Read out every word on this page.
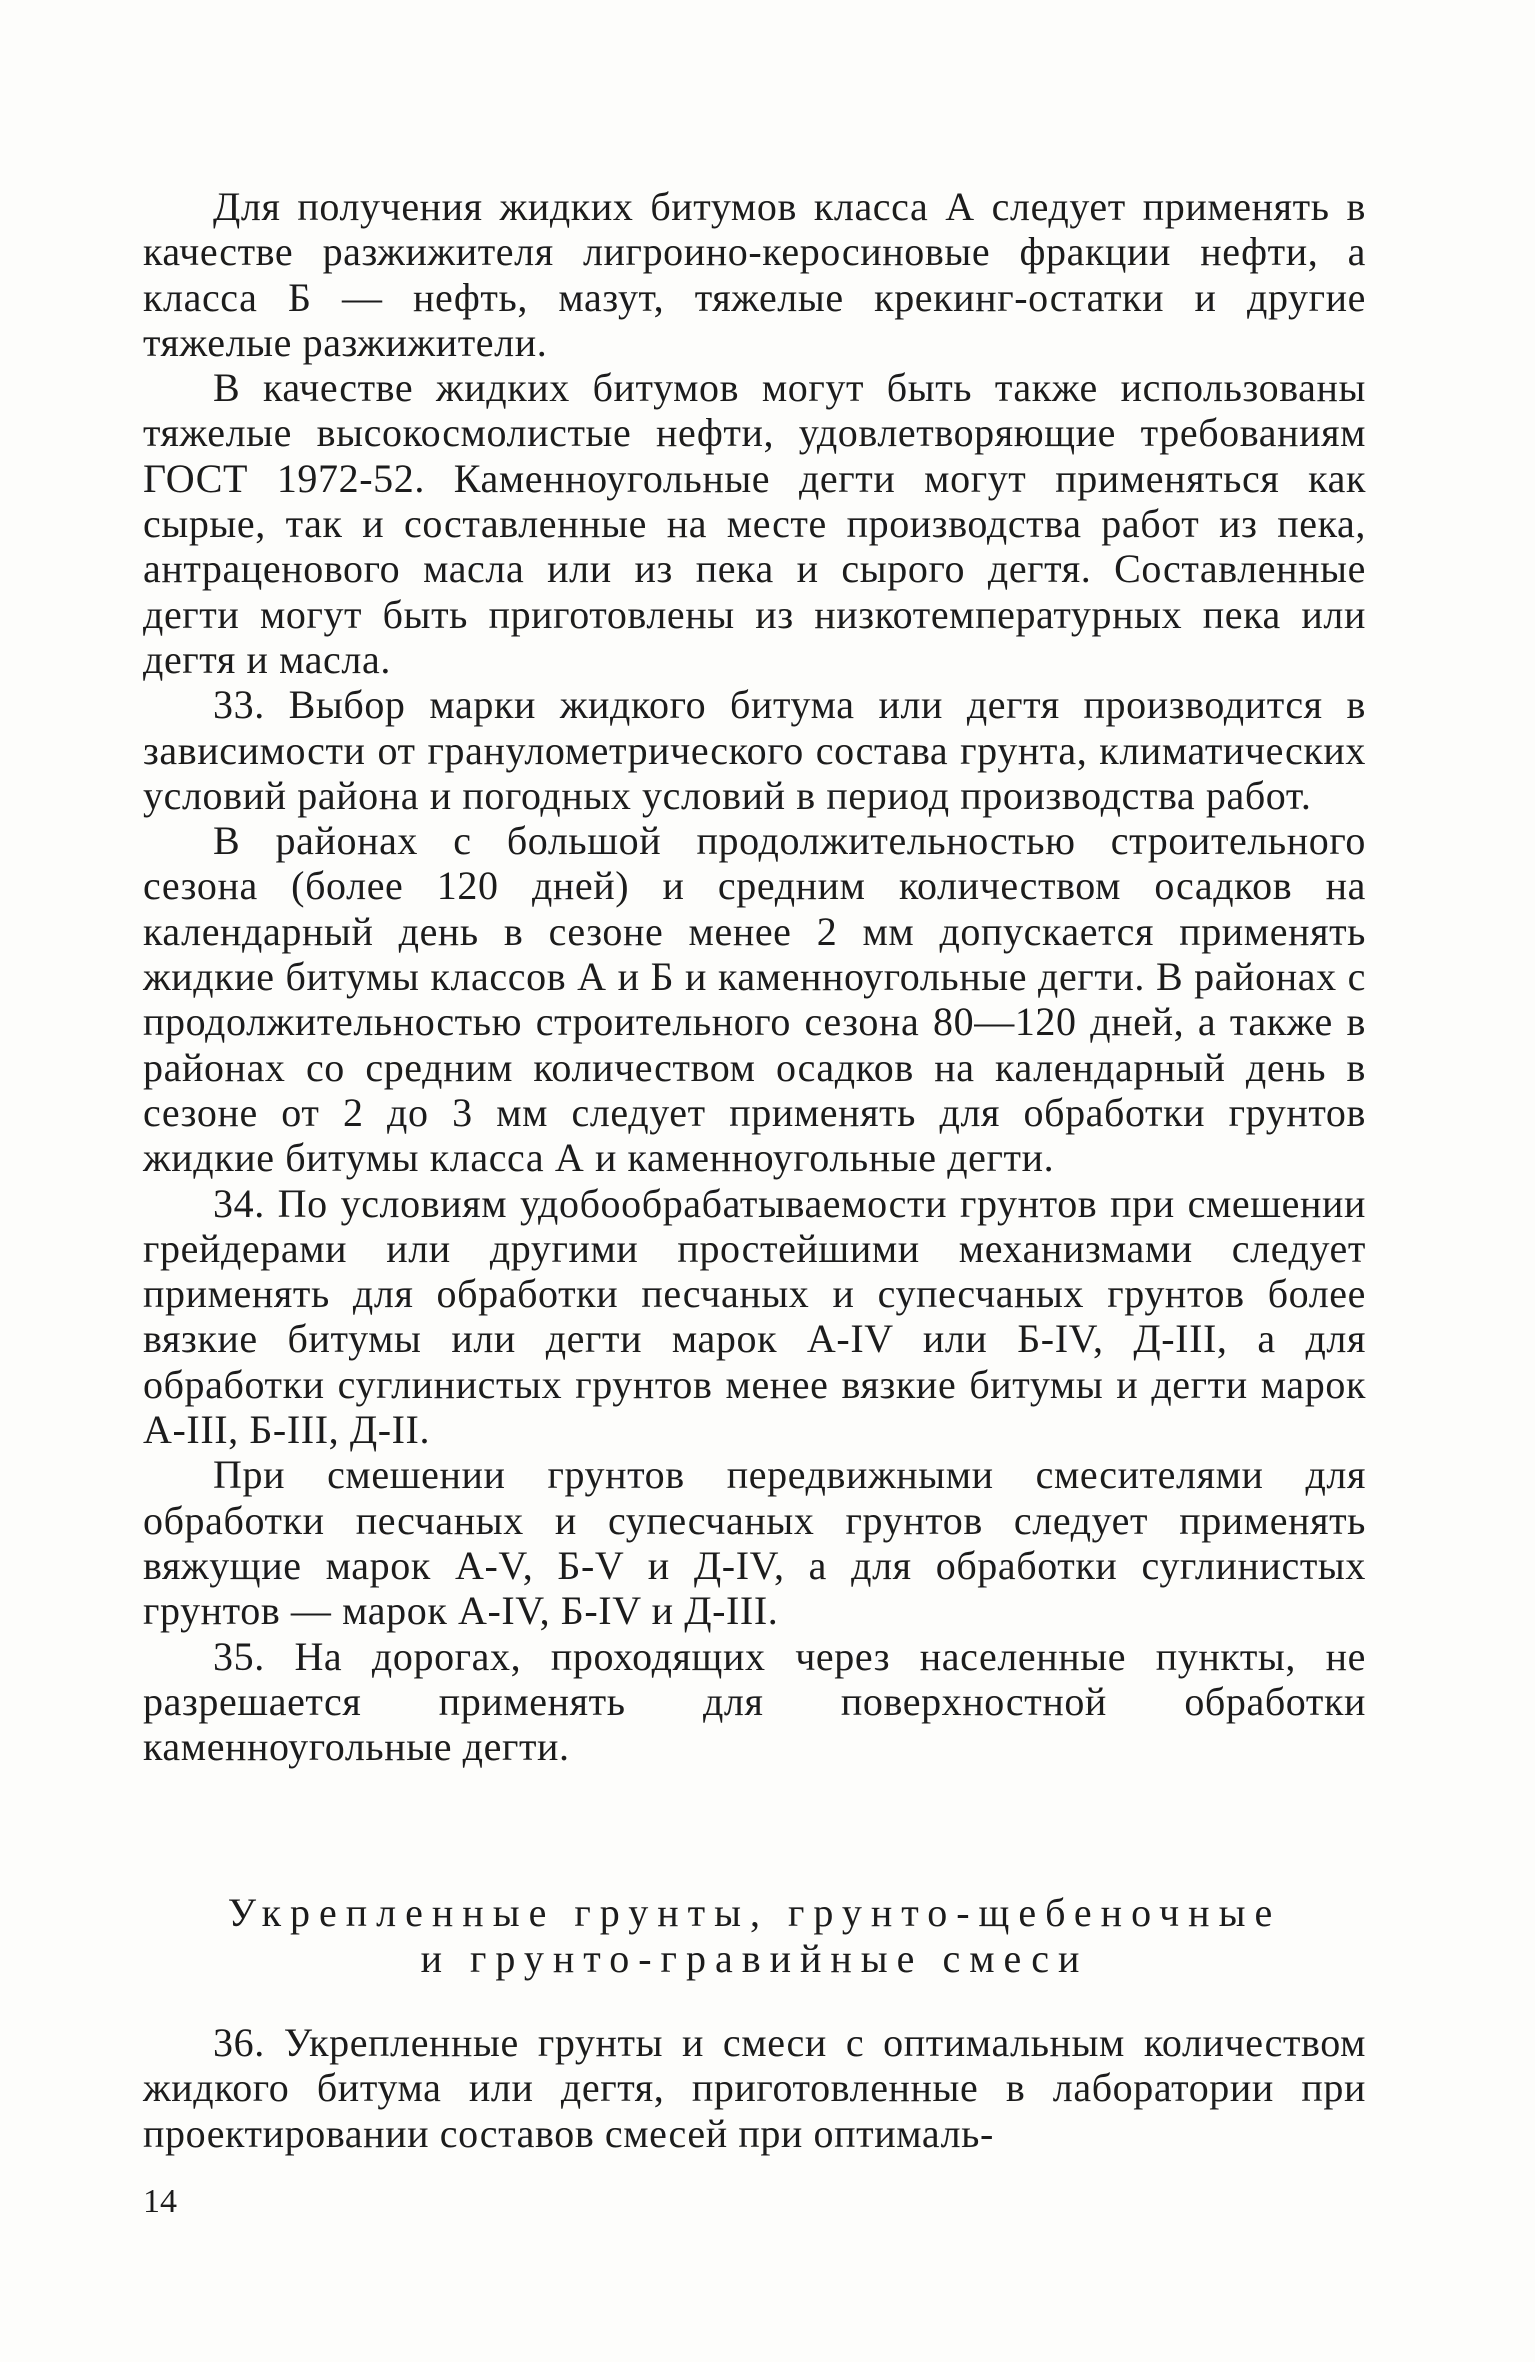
Для получения жидких битумов класса А следует применять в качестве разжижителя лигроино-керосиновые фракции нефти, а класса Б — нефть, мазут, тяжелые крекинг-остатки и другие тяжелые разжижители.

В качестве жидких битумов могут быть также использованы тяжелые высокосмолистые нефти, удовлетворяющие требованиям ГОСТ 1972-52. Каменноугольные дегти могут применяться как сырые, так и составленные на месте производства работ из пека, антраценового масла или из пека и сырого дегтя. Составленные дегти могут быть приготовлены из низкотемпературных пека или дегтя и масла.

33. Выбор марки жидкого битума или дегтя производится в зависимости от гранулометрического состава грунта, климатических условий района и погодных условий в период производства работ.

В районах с большой продолжительностью строительного сезона (более 120 дней) и средним количеством осадков на календарный день в сезоне менее 2 мм допускается применять жидкие битумы классов А и Б и каменноугольные дегти. В районах с продолжительностью строительного сезона 80—120 дней, а также в районах со средним количеством осадков на календарный день в сезоне от 2 до 3 мм следует применять для обработки грунтов жидкие битумы класса А и каменноугольные дегти.

34. По условиям удобообрабатываемости грунтов при смешении грейдерами или другими простейшими механизмами следует применять для обработки песчаных и супесчаных грунтов более вязкие битумы или дегти марок А-IV или Б-IV, Д-III, а для обработки суглинистых грунтов менее вязкие битумы и дегти марок А-III, Б-III, Д-II.

При смешении грунтов передвижными смесителями для обработки песчаных и супесчаных грунтов следует применять вяжущие марок А-V, Б-V и Д-IV, а для обработки суглинистых грунтов — марок А-IV, Б-IV и Д-III.

35. На дорогах, проходящих через населенные пункты, не разрешается применять для поверхностной обработки каменноугольные дегти.

Укрепленные грунты, грунто-щебеночные
и грунто-гравийные смеси

36. Укрепленные грунты и смеси с оптимальным количеством жидкого битума или дегтя, приготовленные в лаборатории при проектировании составов смесей при оптималь-

14
